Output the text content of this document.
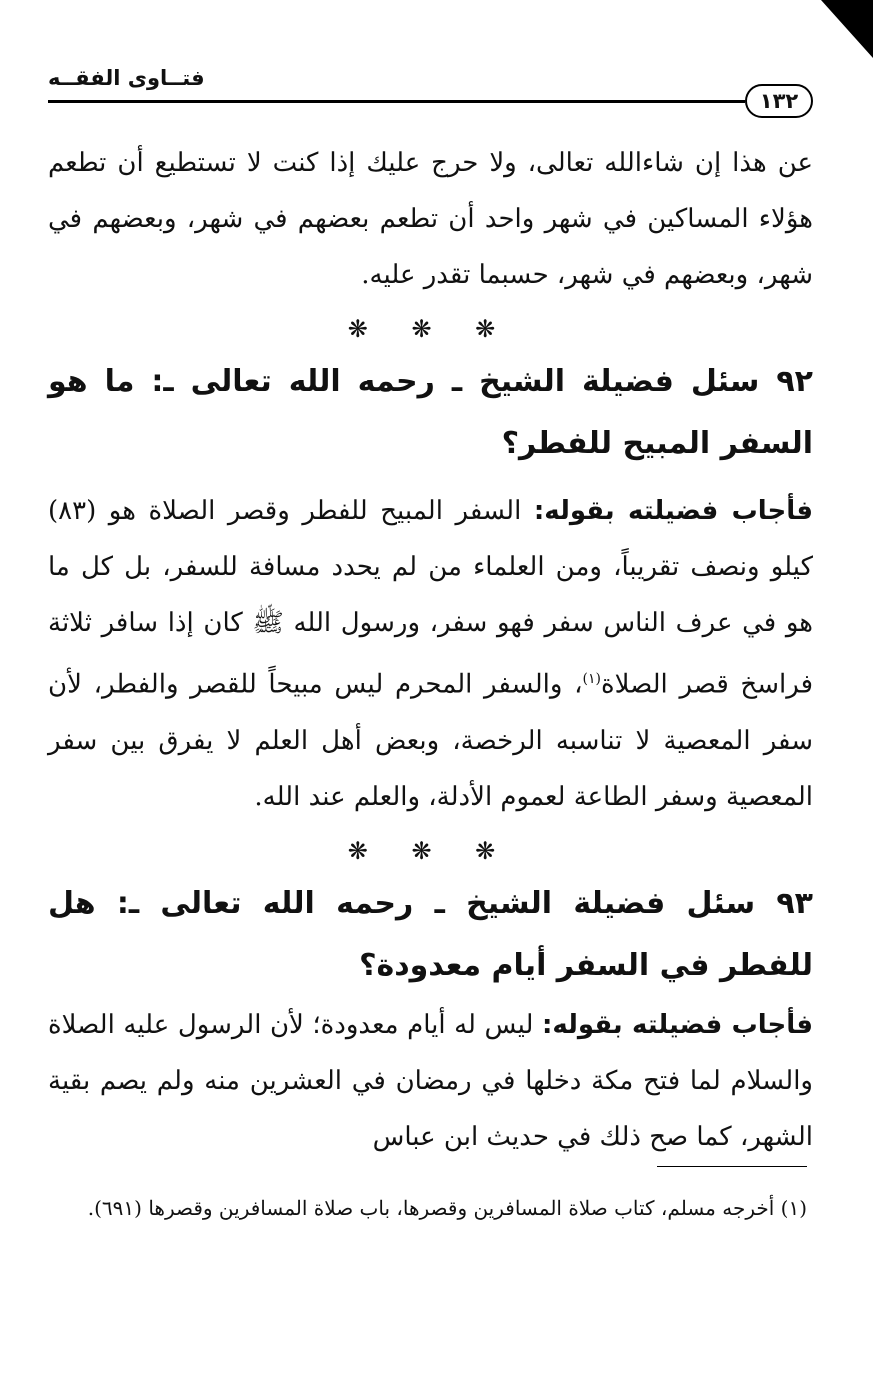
فتــاوى الفقــه
١٣٢

عن هذا إن شاءالله تعالى، ولا حرج عليك إذا كنت لا تستطيع أن تطعم هؤلاء المساكين في شهر واحد أن تطعم بعضهم في شهر، وبعضهم في شهر، وبعضهم في شهر، حسبما تقدر عليه.

❋ ❋ ❋
٩٢ سئل فضيلة الشيخ ـ رحمه الله تعالى ـ: ما هو السفر المبيح للفطر؟

فأجاب فضيلته بقوله: السفر المبيح للفطر وقصر الصلاة هو (٨٣) كيلو ونصف تقريباً، ومن العلماء من لم يحدد مسافة للسفر، بل كل ما هو في عرف الناس سفر فهو سفر، ورسول الله ﷺ كان إذا سافر ثلاثة فراسخ قصر الصلاة$^{(١)}$، والسفر المحرم ليس مبيحاً للقصر والفطر، لأن سفر المعصية لا تناسبه الرخصة، وبعض أهل العلم لا يفرق بين سفر المعصية وسفر الطاعة لعموم الأدلة، والعلم عند الله.

❋ ❋ ❋
٩٣ سئل فضيلة الشيخ ـ رحمه الله تعالى ـ: هل للفطر في السفر أيام معدودة؟

فأجاب فضيلته بقوله: ليس له أيام معدودة؛ لأن الرسول عليه الصلاة والسلام لما فتح مكة دخلها في رمضان في العشرين منه ولم يصم بقية الشهر، كما صح ذلك في حديث ابن عباس

(١) أخرجه مسلم، كتاب صلاة المسافرين وقصرها، باب صلاة المسافرين وقصرها (٦٩١).
